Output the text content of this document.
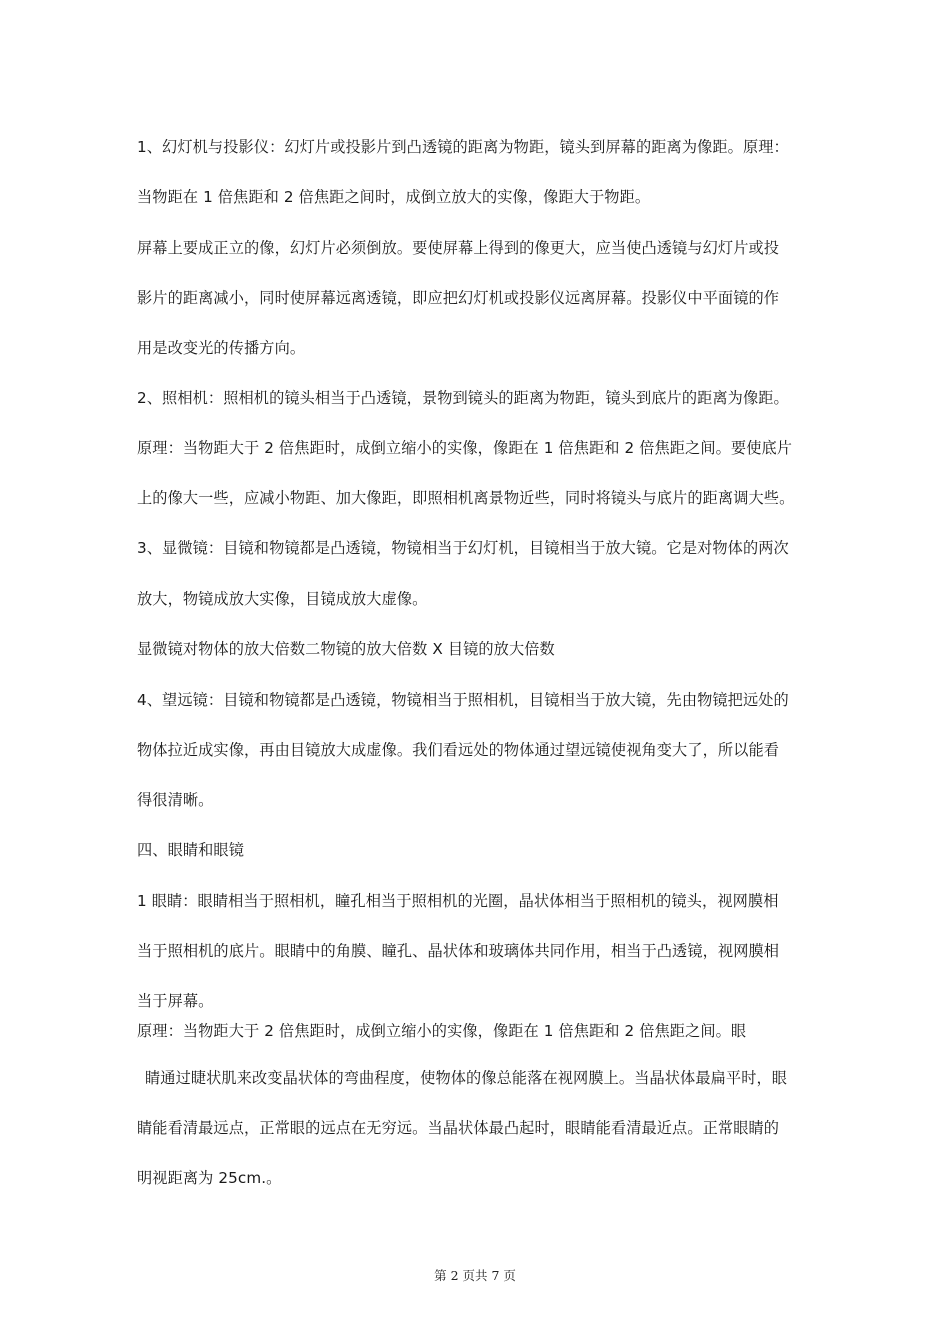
1、幻灯机与投影仪：幻灯片或投影片到凸透镜的距离为物距，镜头到屏幕的距离为像距。原理：
当物距在 1 倍焦距和 2 倍焦距之间时，成倒立放大的实像，像距大于物距。
屏幕上要成正立的像，幻灯片必须倒放。要使屏幕上得到的像更大，应当使凸透镜与幻灯片或投
影片的距离减小，同时使屏幕远离透镜，即应把幻灯机或投影仪远离屏幕。投影仪中平面镜的作
用是改变光的传播方向。
2、照相机：照相机的镜头相当于凸透镜，景物到镜头的距离为物距，镜头到底片的距离为像距。
原理：当物距大于 2 倍焦距时，成倒立缩小的实像，像距在 1 倍焦距和 2 倍焦距之间。要使底片
上的像大一些，应减小物距、加大像距，即照相机离景物近些，同时将镜头与底片的距离调大些。
3、显微镜：目镜和物镜都是凸透镜，物镜相当于幻灯机，目镜相当于放大镜。它是对物体的两次
放大，物镜成放大实像，目镜成放大虚像。
显微镜对物体的放大倍数二物镜的放大倍数 X 目镜的放大倍数
4、望远镜：目镜和物镜都是凸透镜，物镜相当于照相机，目镜相当于放大镜，先由物镜把远处的
物体拉近成实像，再由目镜放大成虚像。我们看远处的物体通过望远镜使视角变大了，所以能看
得很清晰。
四、眼睛和眼镜
1 眼睛：眼睛相当于照相机，瞳孔相当于照相机的光圈，晶状体相当于照相机的镜头，视网膜相
当于照相机的底片。眼睛中的角膜、瞳孔、晶状体和玻璃体共同作用，相当于凸透镜，视网膜相
当于屏幕。
原理：当物距大于 2 倍焦距时，成倒立缩小的实像，像距在 1 倍焦距和 2 倍焦距之间。眼
睛通过睫状肌来改变晶状体的弯曲程度，使物体的像总能落在视网膜上。当晶状体最扁平时，眼
睛能看清最远点，正常眼的远点在无穷远。当晶状体最凸起时，眼睛能看清最近点。正常眼睛的
明视距离为 25cm.。
第 2 页共 7 页
